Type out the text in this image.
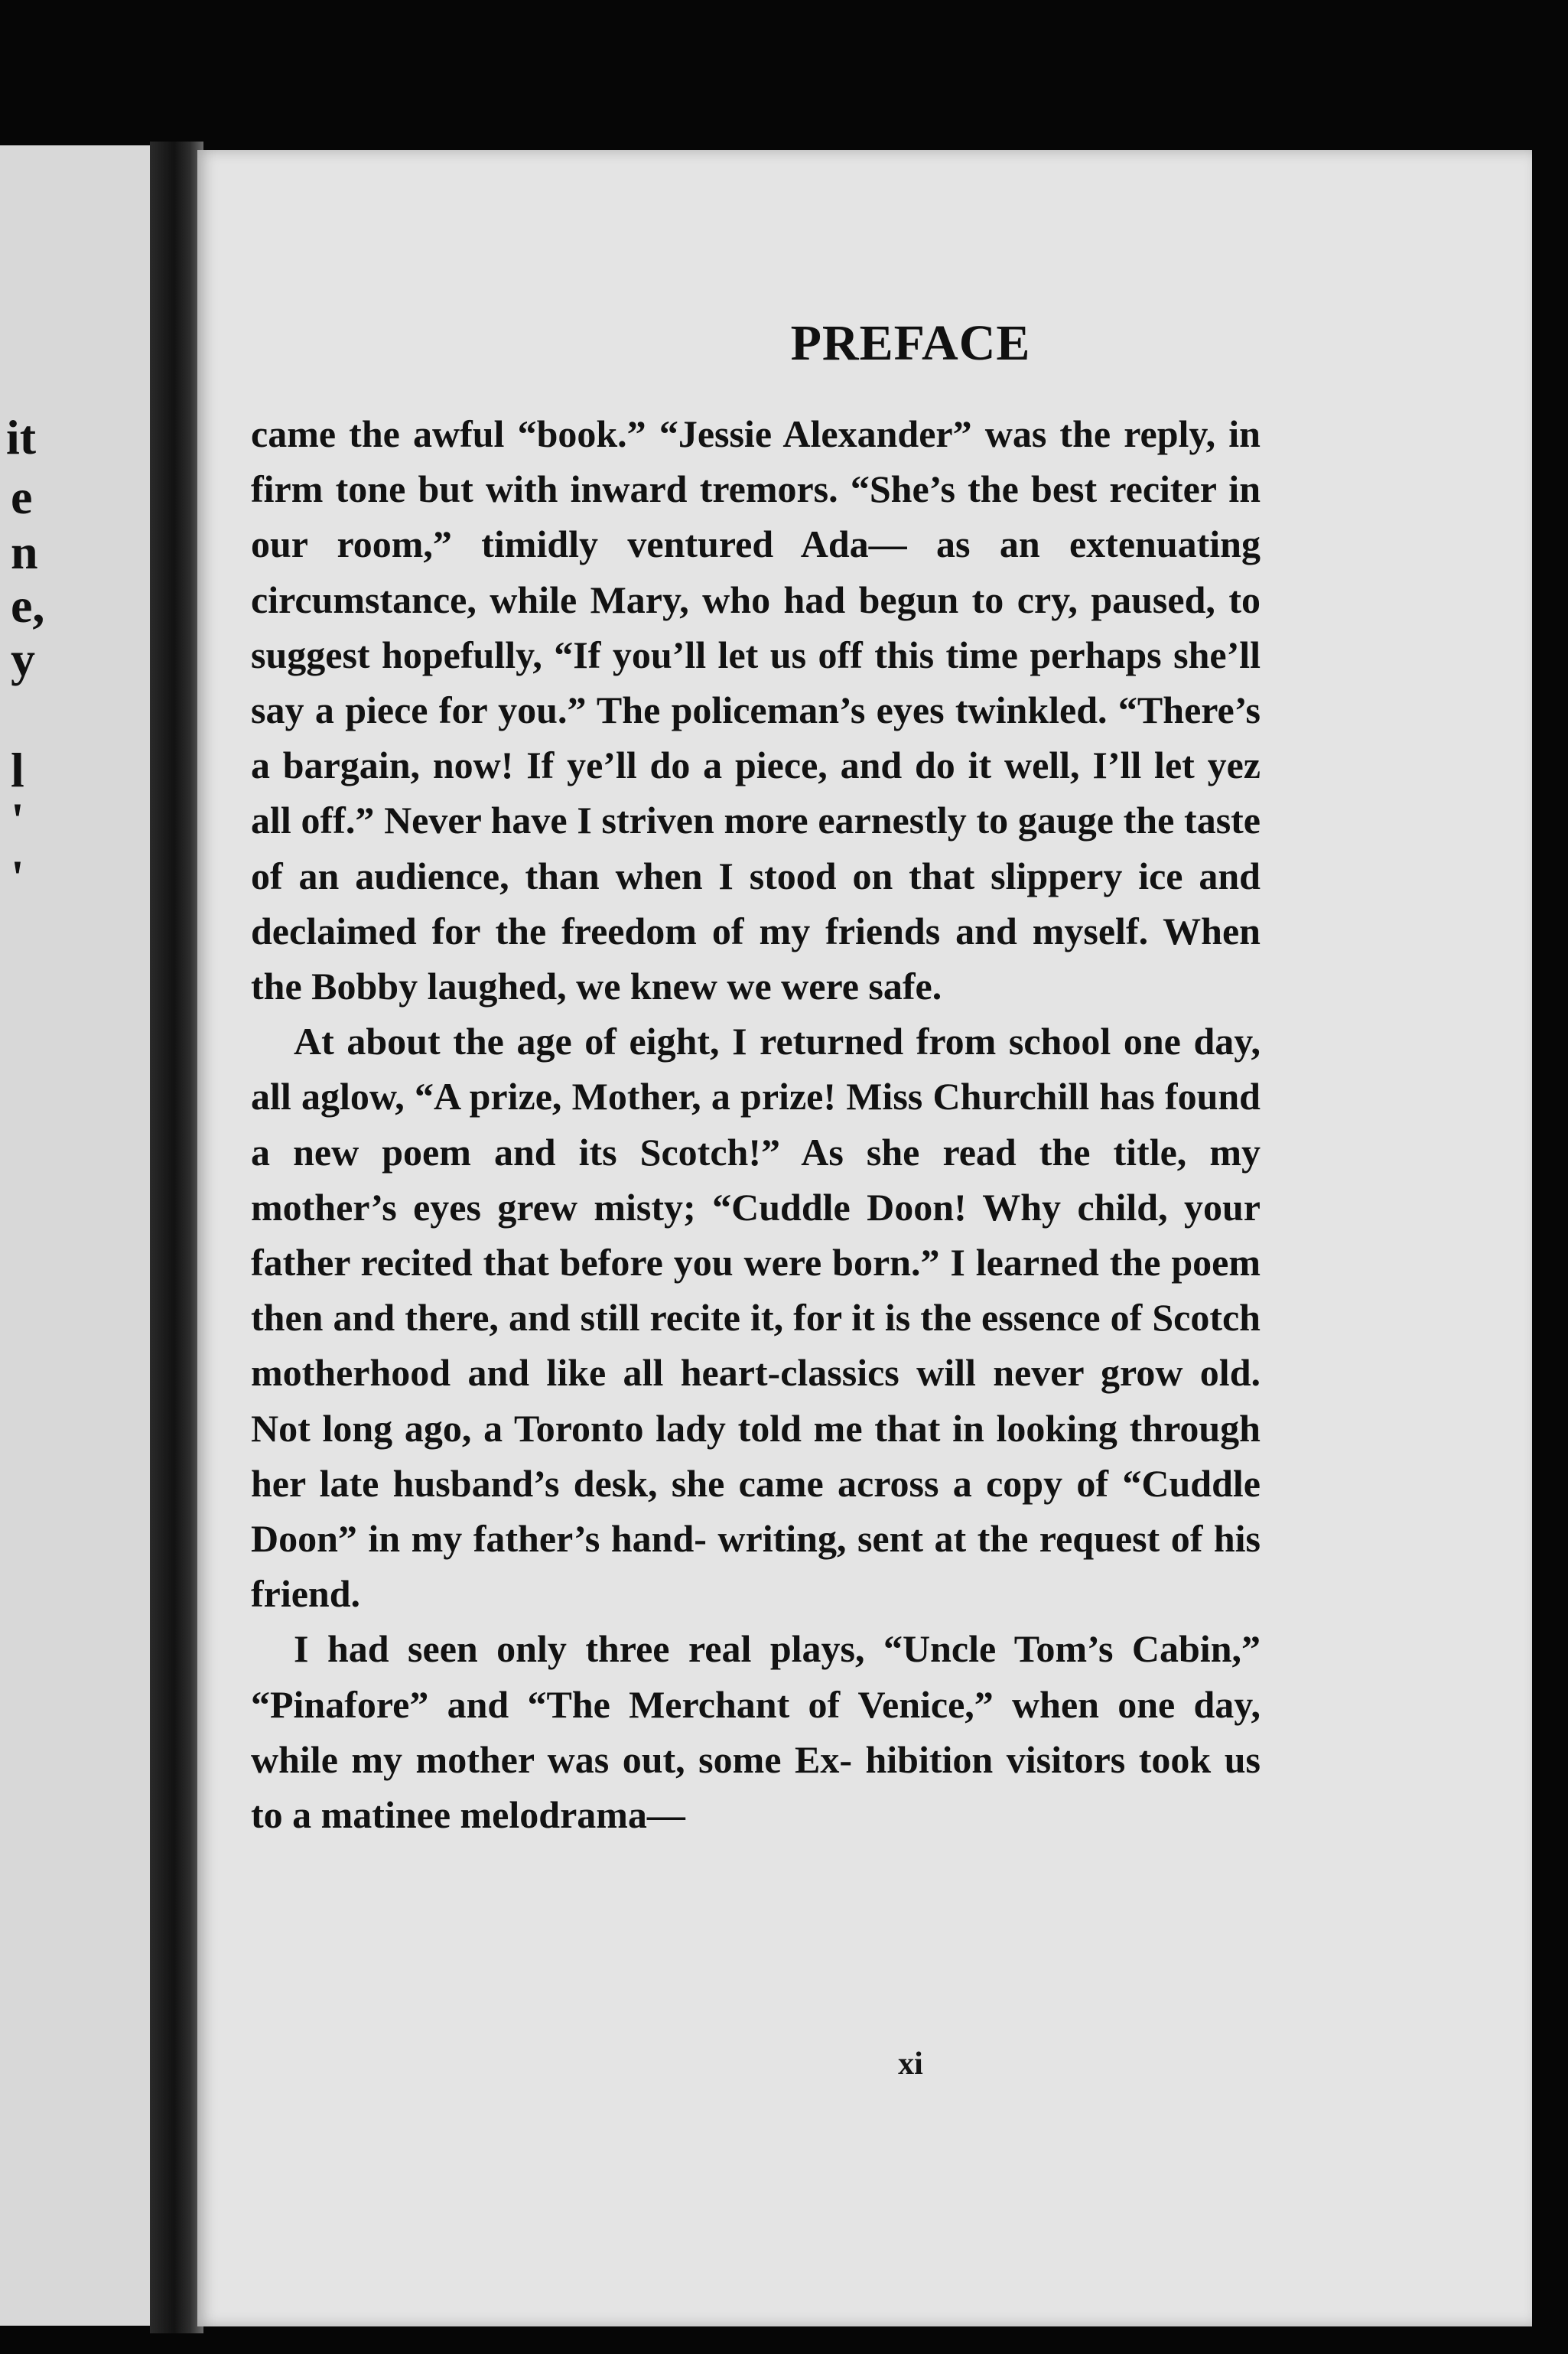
it
e
n
e,
y
l
'
'
PREFACE

came the awful “book.” “Jessie Alexander” was the reply, in firm tone but with inward tremors. “She’s the best reciter in our room,” timidly ventured Ada— as an extenuating circumstance, while Mary, who had begun to cry, paused, to suggest hopefully, “If you’ll let us off this time perhaps she’ll say a piece for you.” The policeman’s eyes twinkled. “There’s a bargain, now! If ye’ll do a piece, and do it well, I’ll let yez all off.” Never have I striven more earnestly to gauge the taste of an audience, than when I stood on that slippery ice and declaimed for the freedom of my friends and myself. When the Bobby laughed, we knew we were safe.

At about the age of eight, I returned from school one day, all aglow, “A prize, Mother, a prize! Miss Churchill has found a new poem and its Scotch!” As she read the title, my mother’s eyes grew misty; “Cuddle Doon! Why child, your father recited that before you were born.” I learned the poem then and there, and still recite it, for it is the essence of Scotch motherhood and like all heart-classics will never grow old. Not long ago, a Toronto lady told me that in looking through her late husband’s desk, she came across a copy of “Cuddle Doon” in my father’s hand- writing, sent at the request of his friend.

I had seen only three real plays, “Uncle Tom’s Cabin,” “Pinafore” and “The Merchant of Venice,” when one day, while my mother was out, some Ex- hibition visitors took us to a matinee melodrama—

xi
